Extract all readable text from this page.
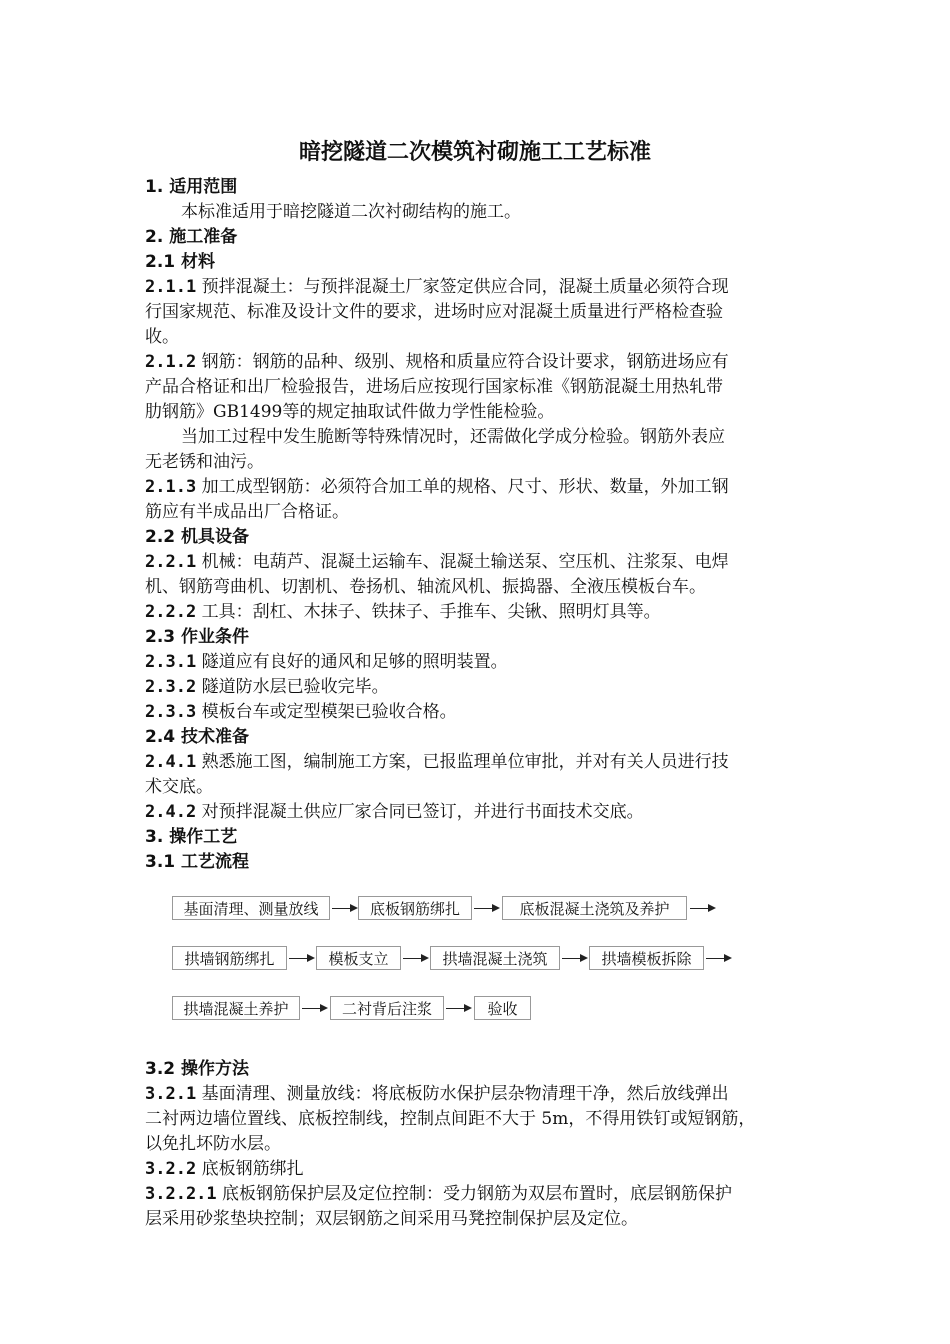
暗挖隧道二次模筑衬砌施工工艺标准
1. 适用范围
本标准适用于暗挖隧道二次衬砌结构的施工。
2. 施工准备
2.1 材料
2.1.1 预拌混凝土：与预拌混凝土厂家签定供应合同，混凝土质量必须符合现
行国家规范、标准及设计文件的要求，进场时应对混凝土质量进行严格检查验
收。
2.1.2 钢筋：钢筋的品种、级别、规格和质量应符合设计要求，钢筋进场应有
产品合格证和出厂检验报告，进场后应按现行国家标准《钢筋混凝土用热轧带
肋钢筋》GB1499等的规定抽取试件做力学性能检验。
当加工过程中发生脆断等特殊情况时，还需做化学成分检验。钢筋外表应
无老锈和油污。
2.1.3 加工成型钢筋：必须符合加工单的规格、尺寸、形状、数量，外加工钢
筋应有半成品出厂合格证。
2.2 机具设备
2.2.1 机械：电葫芦、混凝土运输车、混凝土输送泵、空压机、注浆泵、电焊
机、钢筋弯曲机、切割机、卷扬机、轴流风机、振捣器、全液压模板台车。
2.2.2 工具：刮杠、木抹子、铁抹子、手推车、尖锹、照明灯具等。
2.3 作业条件
2.3.1 隧道应有良好的通风和足够的照明装置。
2.3.2 隧道防水层已验收完毕。
2.3.3 模板台车或定型模架已验收合格。
2.4 技术准备
2.4.1 熟悉施工图，编制施工方案，已报监理单位审批，并对有关人员进行技
术交底。
2.4.2 对预拌混凝土供应厂家合同已签订，并进行书面技术交底。
3. 操作工艺
3.1 工艺流程
基面清理、测量放线	底板钢筋绑扎	底板混凝土浇筑及养护
拱墙钢筋绑扎	模板支立	拱墙混凝土浇筑	拱墙模板拆除
拱墙混凝土养护	二衬背后注浆	验收
3.2 操作方法
3.2.1 基面清理、测量放线：将底板防水保护层杂物清理干净，然后放线弹出
二衬两边墙位置线、底板控制线，控制点间距不大于 5m，不得用铁钉或短钢筋，
以免扎坏防水层。
3.2.2 底板钢筋绑扎
3.2.2.1 底板钢筋保护层及定位控制：受力钢筋为双层布置时，底层钢筋保护
层采用砂浆垫块控制；双层钢筋之间采用马凳控制保护层及定位。
